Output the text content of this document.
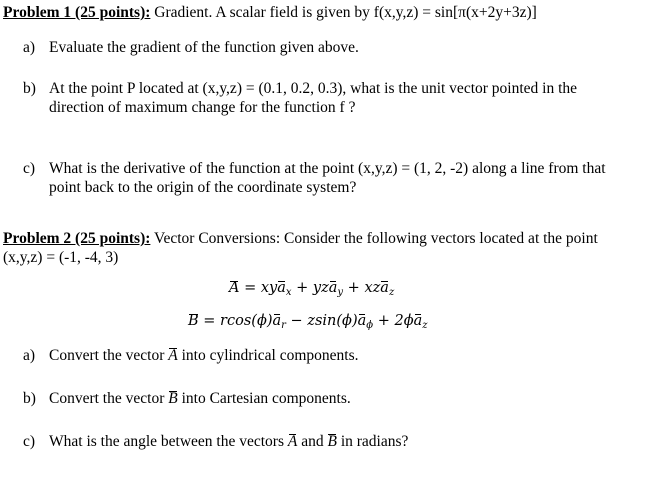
Problem 1 (25 points): Gradient. A scalar field is given by f(x,y,z) = sin[π(x+2y+3z)]
a) Evaluate the gradient of the function given above.
b) At the point P located at (x,y,z) = (0.1, 0.2, 0.3), what is the unit vector pointed in the
direction of maximum change for the function f ?
c) What is the derivative of the function at the point (x,y,z) = (1, 2, -2) along a line from that
point back to the origin of the coordinate system?
Problem 2 (25 points): Vector Conversions: Consider the following vectors located at the point
(x,y,z) = (-1, -4, 3)
A = xya$_x$ + yza$_y$ + xza$_z$
$B = rcos(\phi)a_r - zsin(\phi)a_\phi + 2\phi a_z$
a) Convert the vector A into cylindrical components.
b) Convert the vector B into Cartesian components.
c) What is the angle between the vectors A and B in radians?
